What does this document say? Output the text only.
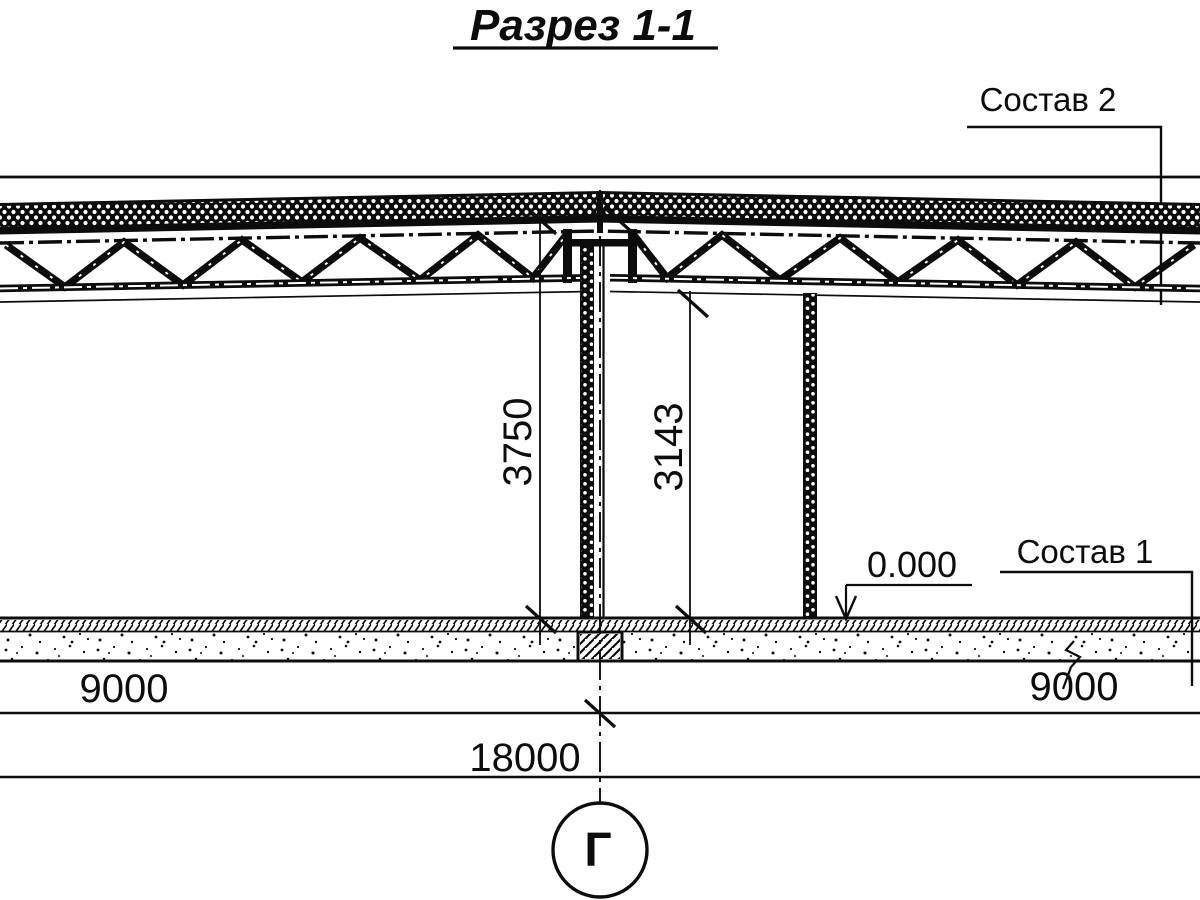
Разрез 1-1
Состав 2
Г
3750	3143
0.000 Состав 1
9000	9000
18000
